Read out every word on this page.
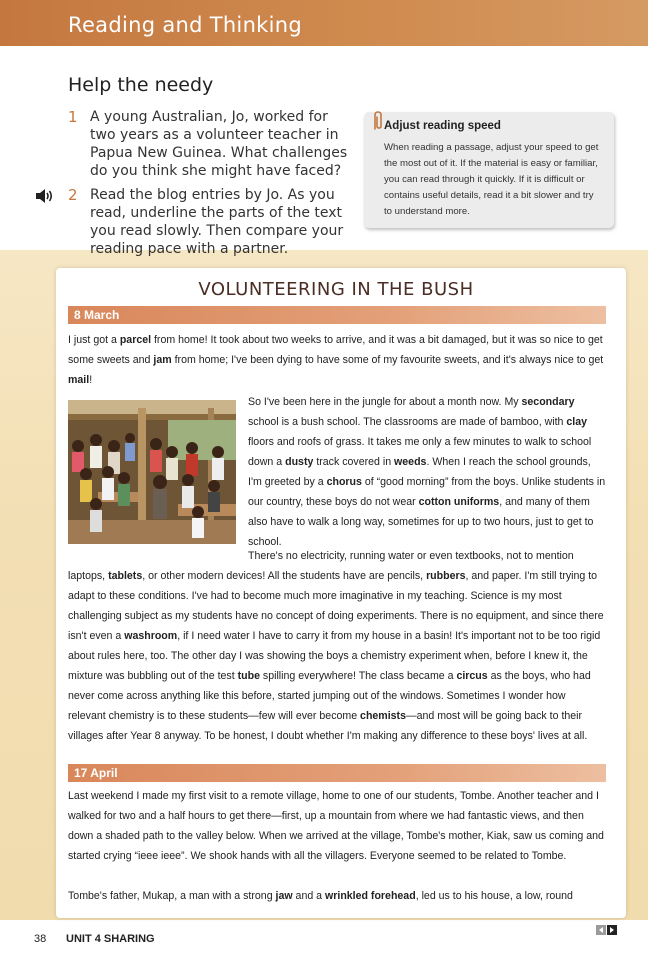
Reading and Thinking
Help the needy
1 A young Australian, Jo, worked for two years as a volunteer teacher in Papua New Guinea. What challenges do you think she might have faced?
2 Read the blog entries by Jo. As you read, underline the parts of the text you read slowly. Then compare your reading pace with a partner.
Adjust reading speed
When reading a passage, adjust your speed to get the most out of it. If the material is easy or familiar, you can read through it quickly. If it is difficult or contains useful details, read it a bit slower and try to understand more.
VOLUNTEERING IN THE BUSH
8 March
I just got a parcel from home! It took about two weeks to arrive, and it was a bit damaged, but it was so nice to get some sweets and jam from home; I've been dying to have some of my favourite sweets, and it's always nice to get mail!
So I've been here in the jungle for about a month now. My secondary school is a bush school. The classrooms are made of bamboo, with clay floors and roofs of grass. It takes me only a few minutes to walk to school down a dusty track covered in weeds. When I reach the school grounds, I'm greeted by a chorus of “good morning” from the boys. Unlike students in our country, these boys do not wear cotton uniforms, and many of them also have to walk a long way, sometimes for up to two hours, just to get to school.
There's no electricity, running water or even textbooks, not to mention laptops, tablets, or other modern devices! All the students have are pencils, rubbers, and paper. I'm still trying to adapt to these conditions. I've had to become much more imaginative in my teaching. Science is my most challenging subject as my students have no concept of doing experiments. There is no equipment, and since there isn't even a washroom, if I need water I have to carry it from my house in a basin! It's important not to be too rigid about rules here, too. The other day I was showing the boys a chemistry experiment when, before I knew it, the mixture was bubbling out of the test tube spilling everywhere! The class became a circus as the boys, who had never come across anything like this before, started jumping out of the windows. Sometimes I wonder how relevant chemistry is to these students—few will ever become chemists—and most will be going back to their villages after Year 8 anyway. To be honest, I doubt whether I'm making any difference to these boys' lives at all.
17 April
Last weekend I made my first visit to a remote village, home to one of our students, Tombe. Another teacher and I walked for two and a half hours to get there—first, up a mountain from where we had fantastic views, and then down a shaded path to the valley below. When we arrived at the village, Tombe's mother, Kiak, saw us coming and started crying “ieee ieee”. We shook hands with all the villagers. Everyone seemed to be related to Tombe.
Tombe's father, Mukap, a man with a strong jaw and a wrinkled forehead, led us to his house, a low, round
38 UNIT 4 SHARING
